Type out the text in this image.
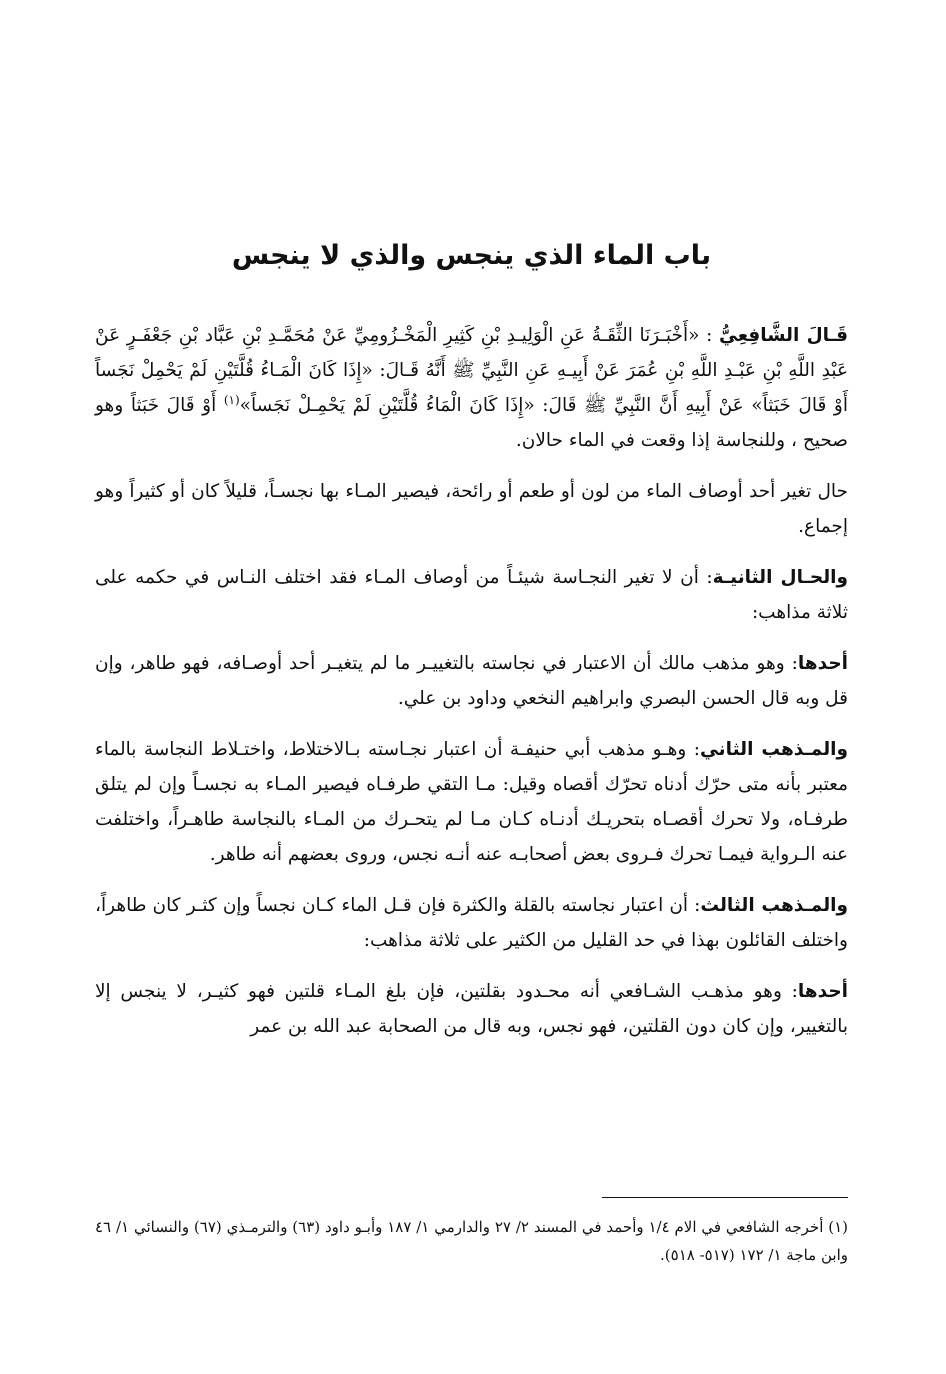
باب الماء الذي ينجس والذي لا ينجس

قَـالَ الشَّافِعِيُّ : «أَخْبَـرَنَا الثِّقَـةُ عَنِ الْوَلِيـدِ بْنِ كَثِيرِ الْمَخْـزُومِيِّ عَنْ مُحَمَّـدِ بْنِ عَبَّاد بْنِ جَعْفَـرٍ عَنْ عَبْدِ اللَّهِ بْنِ عَبْـدِ اللَّهِ بْنِ عُمَرَ عَنْ أَبِيـهِ عَنِ النَّبِيِّ ﷺ أَنَّهُ قَـالَ: «إِذَا كَانَ الْمَـاءُ قُلَّتَيْنِ لَمْ يَحْمِلْ نَجَساً أَوْ قَالَ خَبَثاً» عَنْ أَبِيهِ أَنَّ النَّبِيِّ ﷺ قَالَ: «إِذَا كَانَ الْمَاءُ قُلَّتَيْنِ لَمْ يَحْمِـلْ نَجَساً»$^{(١)}$ أَوْ قَالَ خَبَثاً وهو صحيح ، وللنجاسة إذا وقعت في الماء حالان.

حال تغير أحد أوصاف الماء من لون أو طعم أو رائحة، فيصير المـاء بها نجسـاً، قليلاً كان أو كثيراً وهو إجماع.

والحـال الثانيـة: أن لا تغير النجـاسة شيئـاً من أوصاف المـاء فقد اختلف النـاس في حكمه على ثلاثة مذاهب:

أحدها: وهو مذهب مالك أن الاعتبار في نجاسته بالتغييـر ما لم يتغيـر أحد أوصـافه، فهو طاهر، وإن قل وبه قال الحسن البصري وابراهيم النخعي وداود بن علي.

والمـذهب الثاني: وهـو مذهب أبي حنيفـة أن اعتبار نجـاسته بـالاختلاط، واختـلاط النجاسة بالماء معتبر بأنه متى حرّك أدناه تحرّك أقصاه وقيل: مـا التقي طرفـاه فيصير المـاء به نجسـاً وإن لم يتلق طرفـاه، ولا تحرك أقصـاه بتحريـك أدنـاه كـان مـا لم يتحـرك من المـاء بالنجاسة طاهـراً، واختلفت عنه الـرواية فيمـا تحرك فـروى بعض أصحابـه عنه أنـه نجس، وروى بعضهم أنه طاهر.

والمـذهب الثالث: أن اعتبار نجاسته بالقلة والكثرة فإن قـل الماء كـان نجساً وإن كثـر كان طاهراً، واختلف القائلون بهذا في حد القليل من الكثير على ثلاثة مذاهب:

أحدها: وهو مذهـب الشـافعي أنه محـدود بقلتين، فإن بلغ المـاء قلتين فهو كثيـر، لا ينجس إلا بالتغيير، وإن كان دون القلتين، فهو نجس، وبه قال من الصحابة عبد الله بن عمر

(١) أخرجه الشافعي في الام ١/٤ وأحمد في المسند ٢/ ٢٧ والدارمي ١/ ١٨٧ وأبـو داود (٦٣) والترمـذي (٦٧) والنسائي ١/ ٤٦ وابن ماجة ١/ ١٧٢ (٥١٧- ٥١٨).
